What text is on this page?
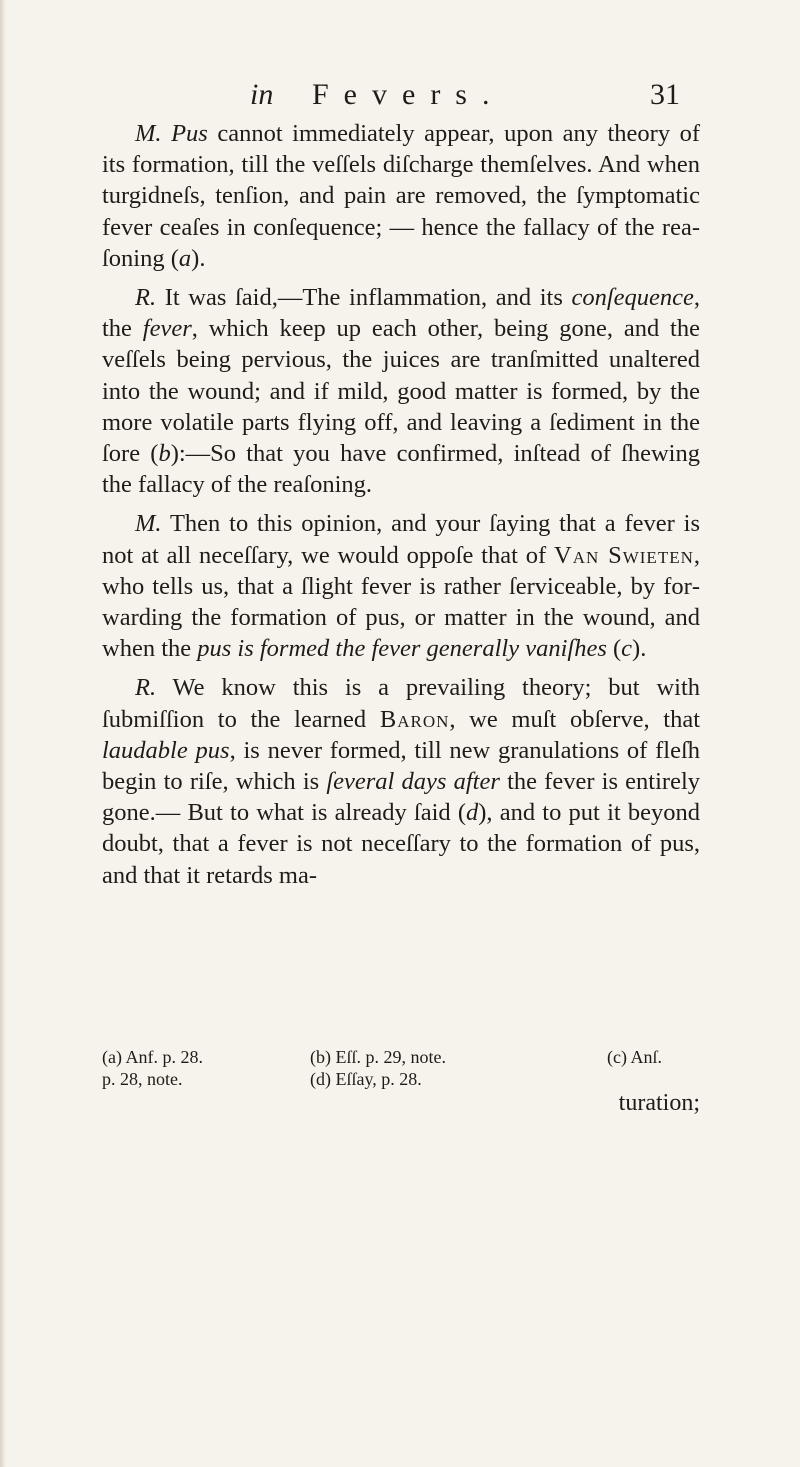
in Fevers.	31

M. Pus cannot immediately appear, upon any theory of its formation, till the veſſels diſcharge themſelves. And when turgidneſs, tenſion, and pain are removed, the ſymptomatic fever ceaſes in conſequence; — hence the fallacy of the reaſoning (a).

R. It was ſaid,—The inflammation, and its conſequence, the fever, which keep up each other, being gone, and the veſſels being pervious, the juices are tranſmitted unaltered into the wound; and if mild, good matter is formed, by the more volatile parts flying off, and leaving a ſediment in the ſore (b):—So that you have confirmed, inſtead of ſhewing the fallacy of the reaſoning.

M. Then to this opinion, and your ſaying that a fever is not at all neceſſary, we would oppoſe that of Van Swieten, who tells us, that a ſlight fever is rather ſerviceable, by forwarding the formation of pus, or matter in the wound, and when the pus is formed the fever generally vaniſhes (c).

R. We know this is a prevailing theory; but with ſubmiſſion to the learned Baron, we muſt obſerve, that laudable pus, is never formed, till new granulations of fleſh begin to riſe, which is ſeveral days after the fever is entirely gone.— But to what is already ſaid (d), and to put it beyond doubt, that a fever is not neceſſary to the formation of pus, and that it retards ma-

(a) Anf. p. 28.	(b) Eſſ. p. 29, note.	(c) Anſ.
p. 28, note.	(d) Eſſay, p. 28.
turation;
